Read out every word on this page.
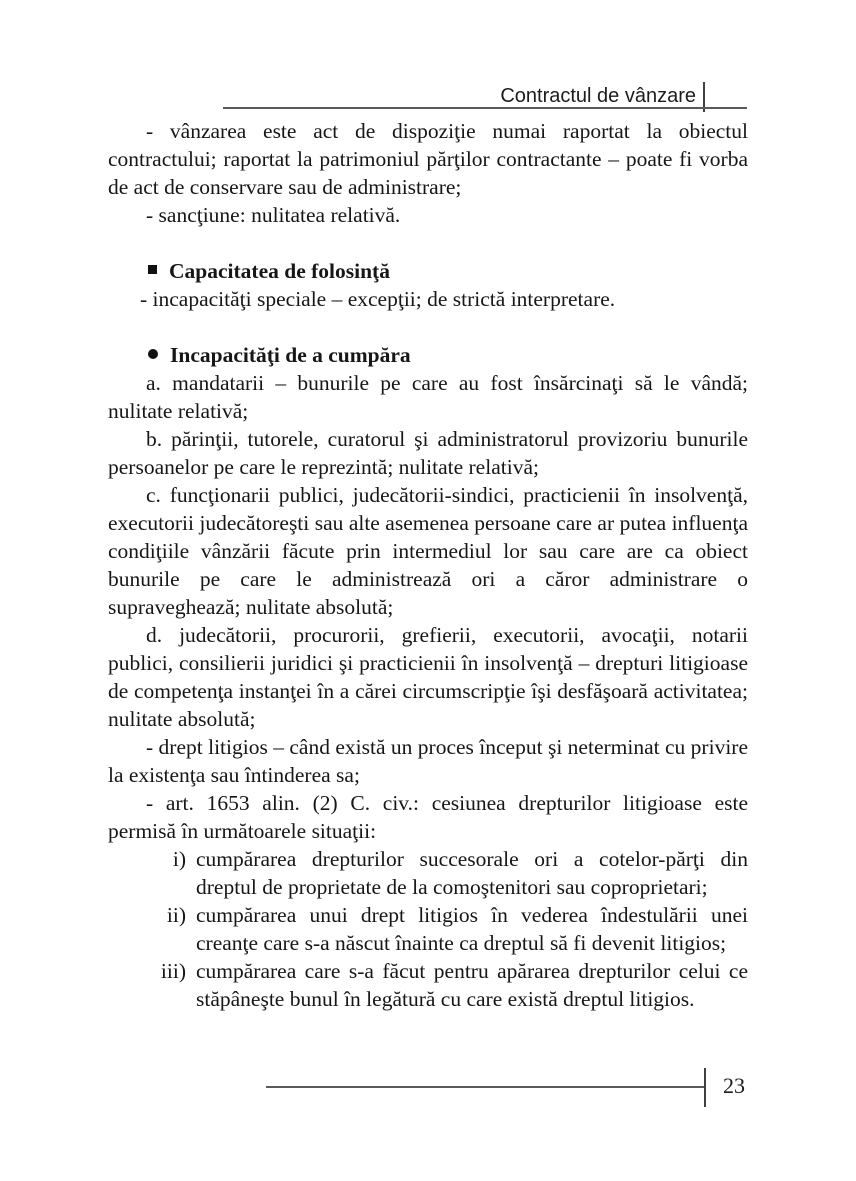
Contractul de vânzare

- vânzarea este act de dispoziţie numai raportat la obiectul contractului; raportat la patrimoniul părţilor contractante – poate fi vorba de act de conservare sau de administrare;

- sancţiune: nulitatea relativă.

Capacitatea de folosinţă

- incapacităţi speciale – excepţii; de strictă interpretare.

Incapacităţi de a cumpăra

a. mandatarii – bunurile pe care au fost însărcinaţi să le vândă; nulitate relativă;

b. părinţii, tutorele, curatorul şi administratorul provizoriu bunurile persoanelor pe care le reprezintă; nulitate relativă;

c. funcţionarii publici, judecătorii-sindici, practicienii în insolvenţă, executorii judecătoreşti sau alte asemenea persoane care ar putea influenţa condiţiile vânzării făcute prin intermediul lor sau care are ca obiect bunurile pe care le administrează ori a căror administrare o supraveghează; nulitate absolută;

d. judecătorii, procurorii, grefierii, executorii, avocaţii, notarii publici, consilierii juridici şi practicienii în insolvenţă – drepturi litigioase de competenţa instanţei în a cărei circumscripţie îşi desfăşoară activitatea; nulitate absolută;

- drept litigios – când există un proces început şi neterminat cu privire la existenţa sau întinderea sa;

- art. 1653 alin. (2) C. civ.: cesiunea drepturilor litigioase este permisă în următoarele situaţii:

i) cumpărarea drepturilor succesorale ori a cotelor-părţi din dreptul de proprietate de la comoştenitori sau coproprietari;
ii) cumpărarea unui drept litigios în vederea îndestulării unei creanţe care s-a născut înainte ca dreptul să fi devenit litigios;
iii) cumpărarea care s-a făcut pentru apărarea drepturilor celui ce stăpâneşte bunul în legătură cu care există dreptul litigios.
23
